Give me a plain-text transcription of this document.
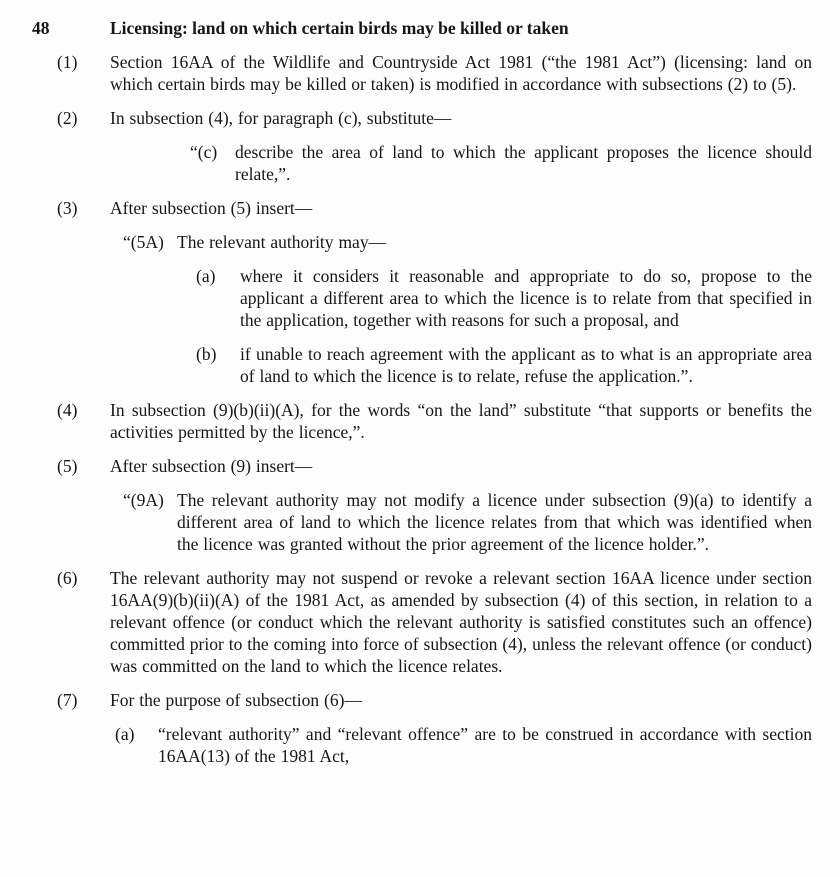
48	Licensing: land on which certain birds may be killed or taken
(1) Section 16AA of the Wildlife and Countryside Act 1981 (“the 1981 Act”) (licensing: land on which certain birds may be killed or taken) is modified in accordance with subsections (2) to (5).
(2) In subsection (4), for paragraph (c), substitute—
“(c) describe the area of land to which the applicant proposes the licence should relate,”.
(3) After subsection (5) insert—
“(5A) The relevant authority may—
(a) where it considers it reasonable and appropriate to do so, propose to the applicant a different area to which the licence is to relate from that specified in the application, together with reasons for such a proposal, and
(b) if unable to reach agreement with the applicant as to what is an appropriate area of land to which the licence is to relate, refuse the application.”.
(4) In subsection (9)(b)(ii)(A), for the words “on the land” substitute “that supports or benefits the activities permitted by the licence,”.
(5) After subsection (9) insert—
“(9A) The relevant authority may not modify a licence under subsection (9)(a) to identify a different area of land to which the licence relates from that which was identified when the licence was granted without the prior agreement of the licence holder.”.
(6) The relevant authority may not suspend or revoke a relevant section 16AA licence under section 16AA(9)(b)(ii)(A) of the 1981 Act, as amended by subsection (4) of this section, in relation to a relevant offence (or conduct which the relevant authority is satisfied constitutes such an offence) committed prior to the coming into force of subsection (4), unless the relevant offence (or conduct) was committed on the land to which the licence relates.
(7) For the purpose of subsection (6)—
(a) “relevant authority” and “relevant offence” are to be construed in accordance with section 16AA(13) of the 1981 Act,
